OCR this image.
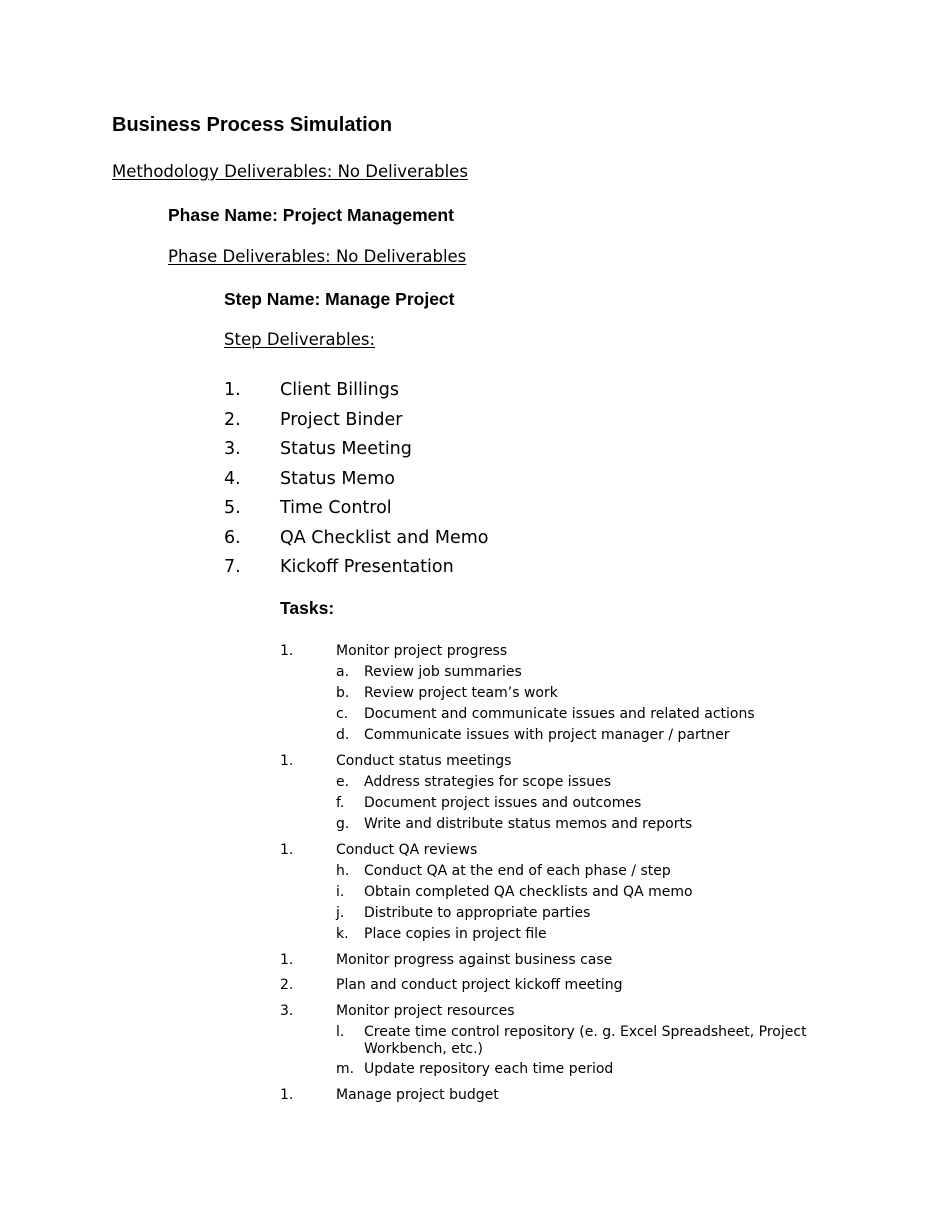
Business Process Simulation
Methodology Deliverables: No Deliverables
Phase Name: Project Management
Phase Deliverables: No Deliverables
Step Name: Manage Project
Step Deliverables:
1. Client Billings
2. Project Binder
3. Status Meeting
4. Status Memo
5. Time Control
6. QA Checklist and Memo
7. Kickoff Presentation
Tasks:
1.	Monitor project progress
a. Review job summaries
b. Review project team’s work
c. Document and communicate issues and related actions
d. Communicate issues with project manager / partner
1.	Conduct status meetings
e. Address strategies for scope issues
f. Document project issues and outcomes
g. Write and distribute status memos and reports
1.	Conduct QA reviews
h. Conduct QA at the end of each phase / step
i. Obtain completed QA checklists and QA memo
j. Distribute to appropriate parties
k. Place copies in project file
1.	Monitor progress against business case
2.	Plan and conduct project kickoff meeting
3.	Monitor project resources
l. Create time control repository (e. g. Excel Spreadsheet, Project Workbench, etc.)
m. Update repository each time period
1.	Manage project budget
